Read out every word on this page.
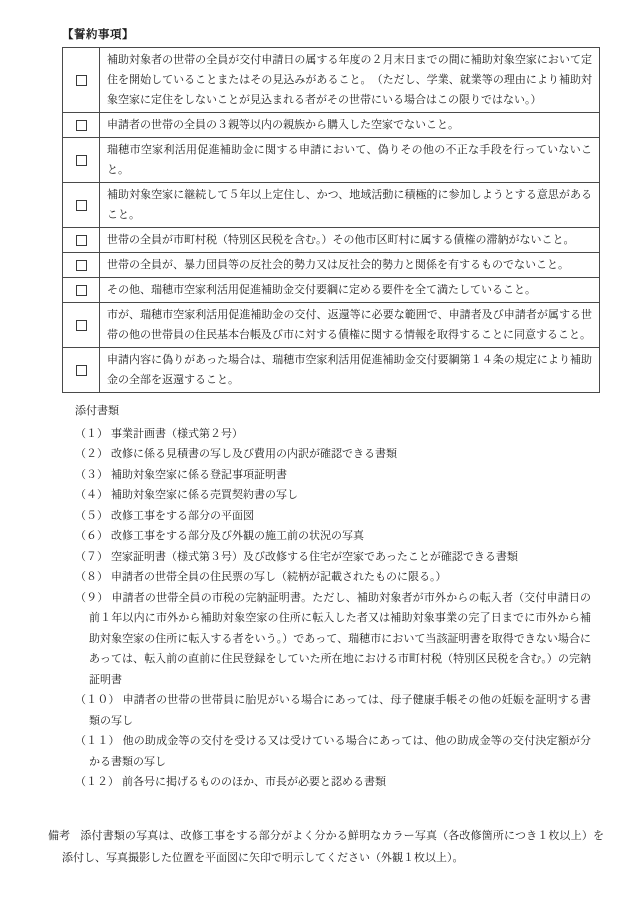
【誓約事項】
	補助対象者の世帯の全員が交付申請日の属する年度の２月末日までの間に補助対象空家において定住を開始していることまたはその見込みがあること。　（ただし、学業、就業等の理由により補助対象空家に定住をしないことが見込まれる者がその世帯にいる場合はこの限りではない。）
	申請者の世帯の全員の３親等以内の親族から購入した空家でないこと。
	瑞穂市空家利活用促進補助金に関する申請において、偽りその他の不正な手段を行っていないこと。
	補助対象空家に継続して５年以上定住し、かつ、地域活動に積極的に参加しようとする意思があること。
	世帯の全員が市町村税（特別区民税を含む。）その他市区町村に属する債権の滞納がないこと。
	世帯の全員が、暴力団員等の反社会的勢力又は反社会的勢力と関係を有するものでないこと。
	その他、瑞穂市空家利活用促進補助金交付要綱に定める要件を全て満たしていること。
	市が、瑞穂市空家利活用促進補助金の交付、返還等に必要な範囲で、申請者及び申請者が属する世帯の他の世帯員の住民基本台帳及び市に対する債権に関する情報を取得することに同意すること。
	申請内容に偽りがあった場合は、瑞穂市空家利活用促進補助金交付要綱第１４条の規定により補助金の全部を返還すること。
添付書類
（１） 事業計画書（様式第２号）
（２） 改修に係る見積書の写し及び費用の内訳が確認できる書類
（３） 補助対象空家に係る登記事項証明書
（４） 補助対象空家に係る売買契約書の写し
（５） 改修工事をする部分の平面図
（６） 改修工事をする部分及び外観の施工前の状況の写真
（７） 空家証明書（様式第３号）及び改修する住宅が空家であったことが確認できる書類
（８） 申請者の世帯全員の住民票の写し（続柄が記載されたものに限る。）
（９） 申請者の世帯全員の市税の完納証明書。ただし、補助対象者が市外からの転入者（交付申請日の前１年以内に市外から補助対象空家の住所に転入した者又は補助対象事業の完了日までに市外から補助対象空家の住所に転入する者をいう。）であって、瑞穂市において当該証明書を取得できない場合にあっては、転入前の直前に住民登録をしていた所在地における市町村税（特別区民税を含む。）の完納証明書
（１０） 申請者の世帯の世帯員に胎児がいる場合にあっては、母子健康手帳その他の妊娠を証明する書類の写し
（１１） 他の助成金等の交付を受ける又は受けている場合にあっては、他の助成金等の交付決定額が分かる書類の写し
（１２） 前各号に掲げるもののほか、市長が必要と認める書類

備考 添付書類の写真は、改修工事をする部分がよく分かる鮮明なカラー写真（各改修箇所につき１枚以上）を添付し、写真撮影した位置を平面図に矢印で明示してください（外観１枚以上）。
